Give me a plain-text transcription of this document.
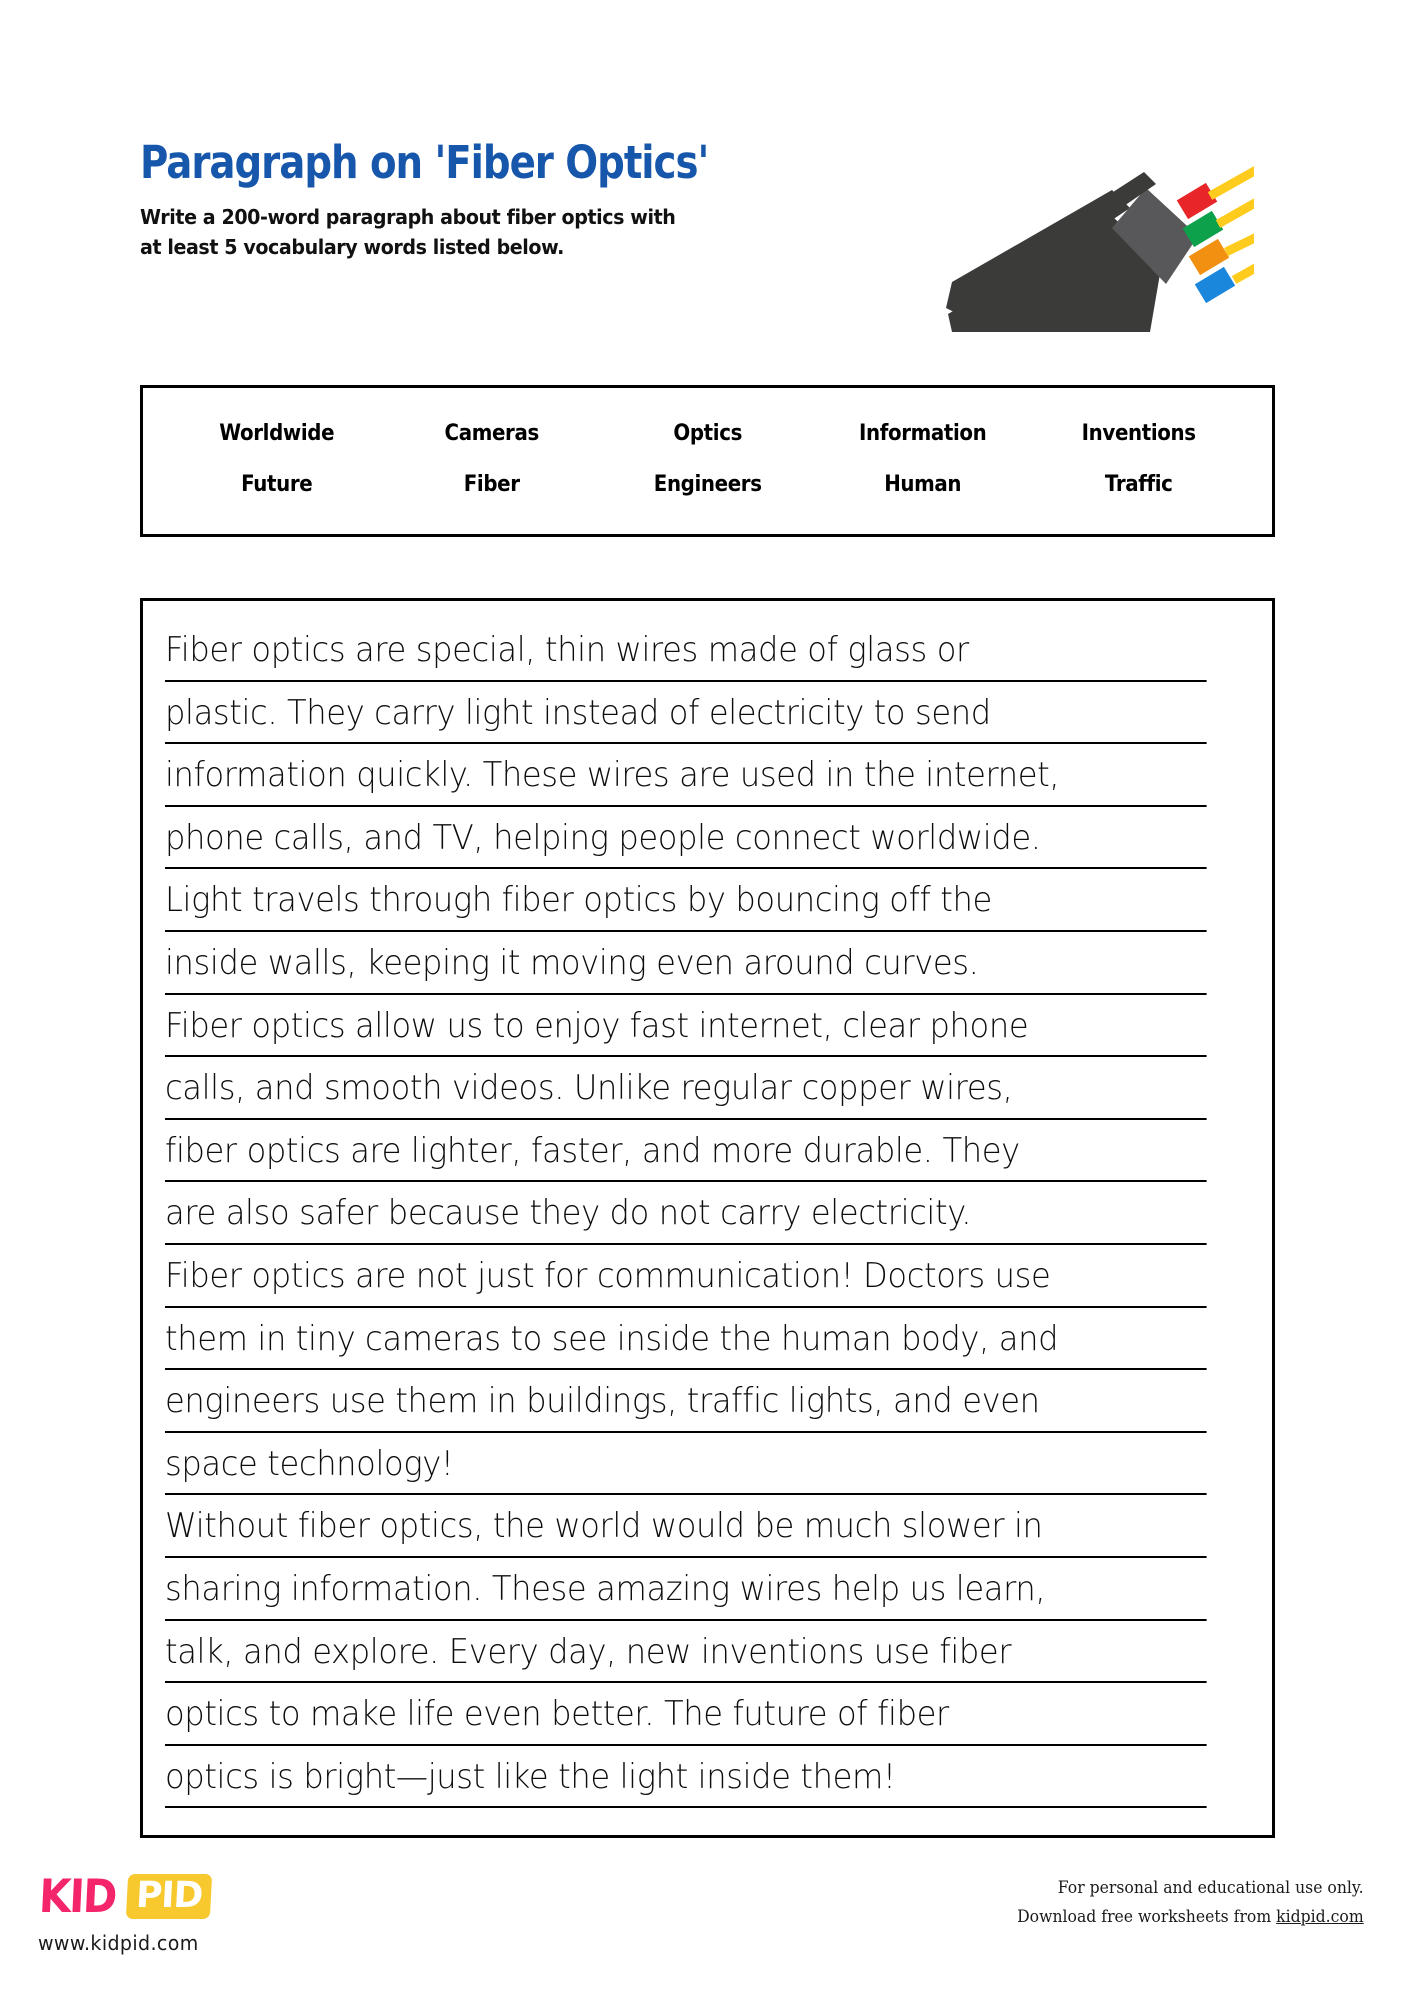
Paragraph on 'Fiber Optics'
Write a 200-word paragraph about fiber optics with
at least 5 vocabulary words listed below.
Worldwide	Cameras	Optics	Information	Inventions
Future	Fiber	Engineers	Human	Traffic
Fiber optics are special, thin wires made of glass or
plastic. They carry light instead of electricity to send
information quickly. These wires are used in the internet,
phone calls, and TV, helping people connect worldwide.
Light travels through fiber optics by bouncing off the
inside walls, keeping it moving even around curves.
Fiber optics allow us to enjoy fast internet, clear phone
calls, and smooth videos. Unlike regular copper wires,
fiber optics are lighter, faster, and more durable. They
are also safer because they do not carry electricity.
Fiber optics are not just for communication! Doctors use
them in tiny cameras to see inside the human body, and
engineers use them in buildings, traffic lights, and even
space technology!
Without fiber optics, the world would be much slower in
sharing information. These amazing wires help us learn,
talk, and explore. Every day, new inventions use fiber
optics to make life even better. The future of fiber
optics is bright—just like the light inside them!
KID PID
www.kidpid.com
For personal and educational use only.
Download free worksheets from kidpid.com
